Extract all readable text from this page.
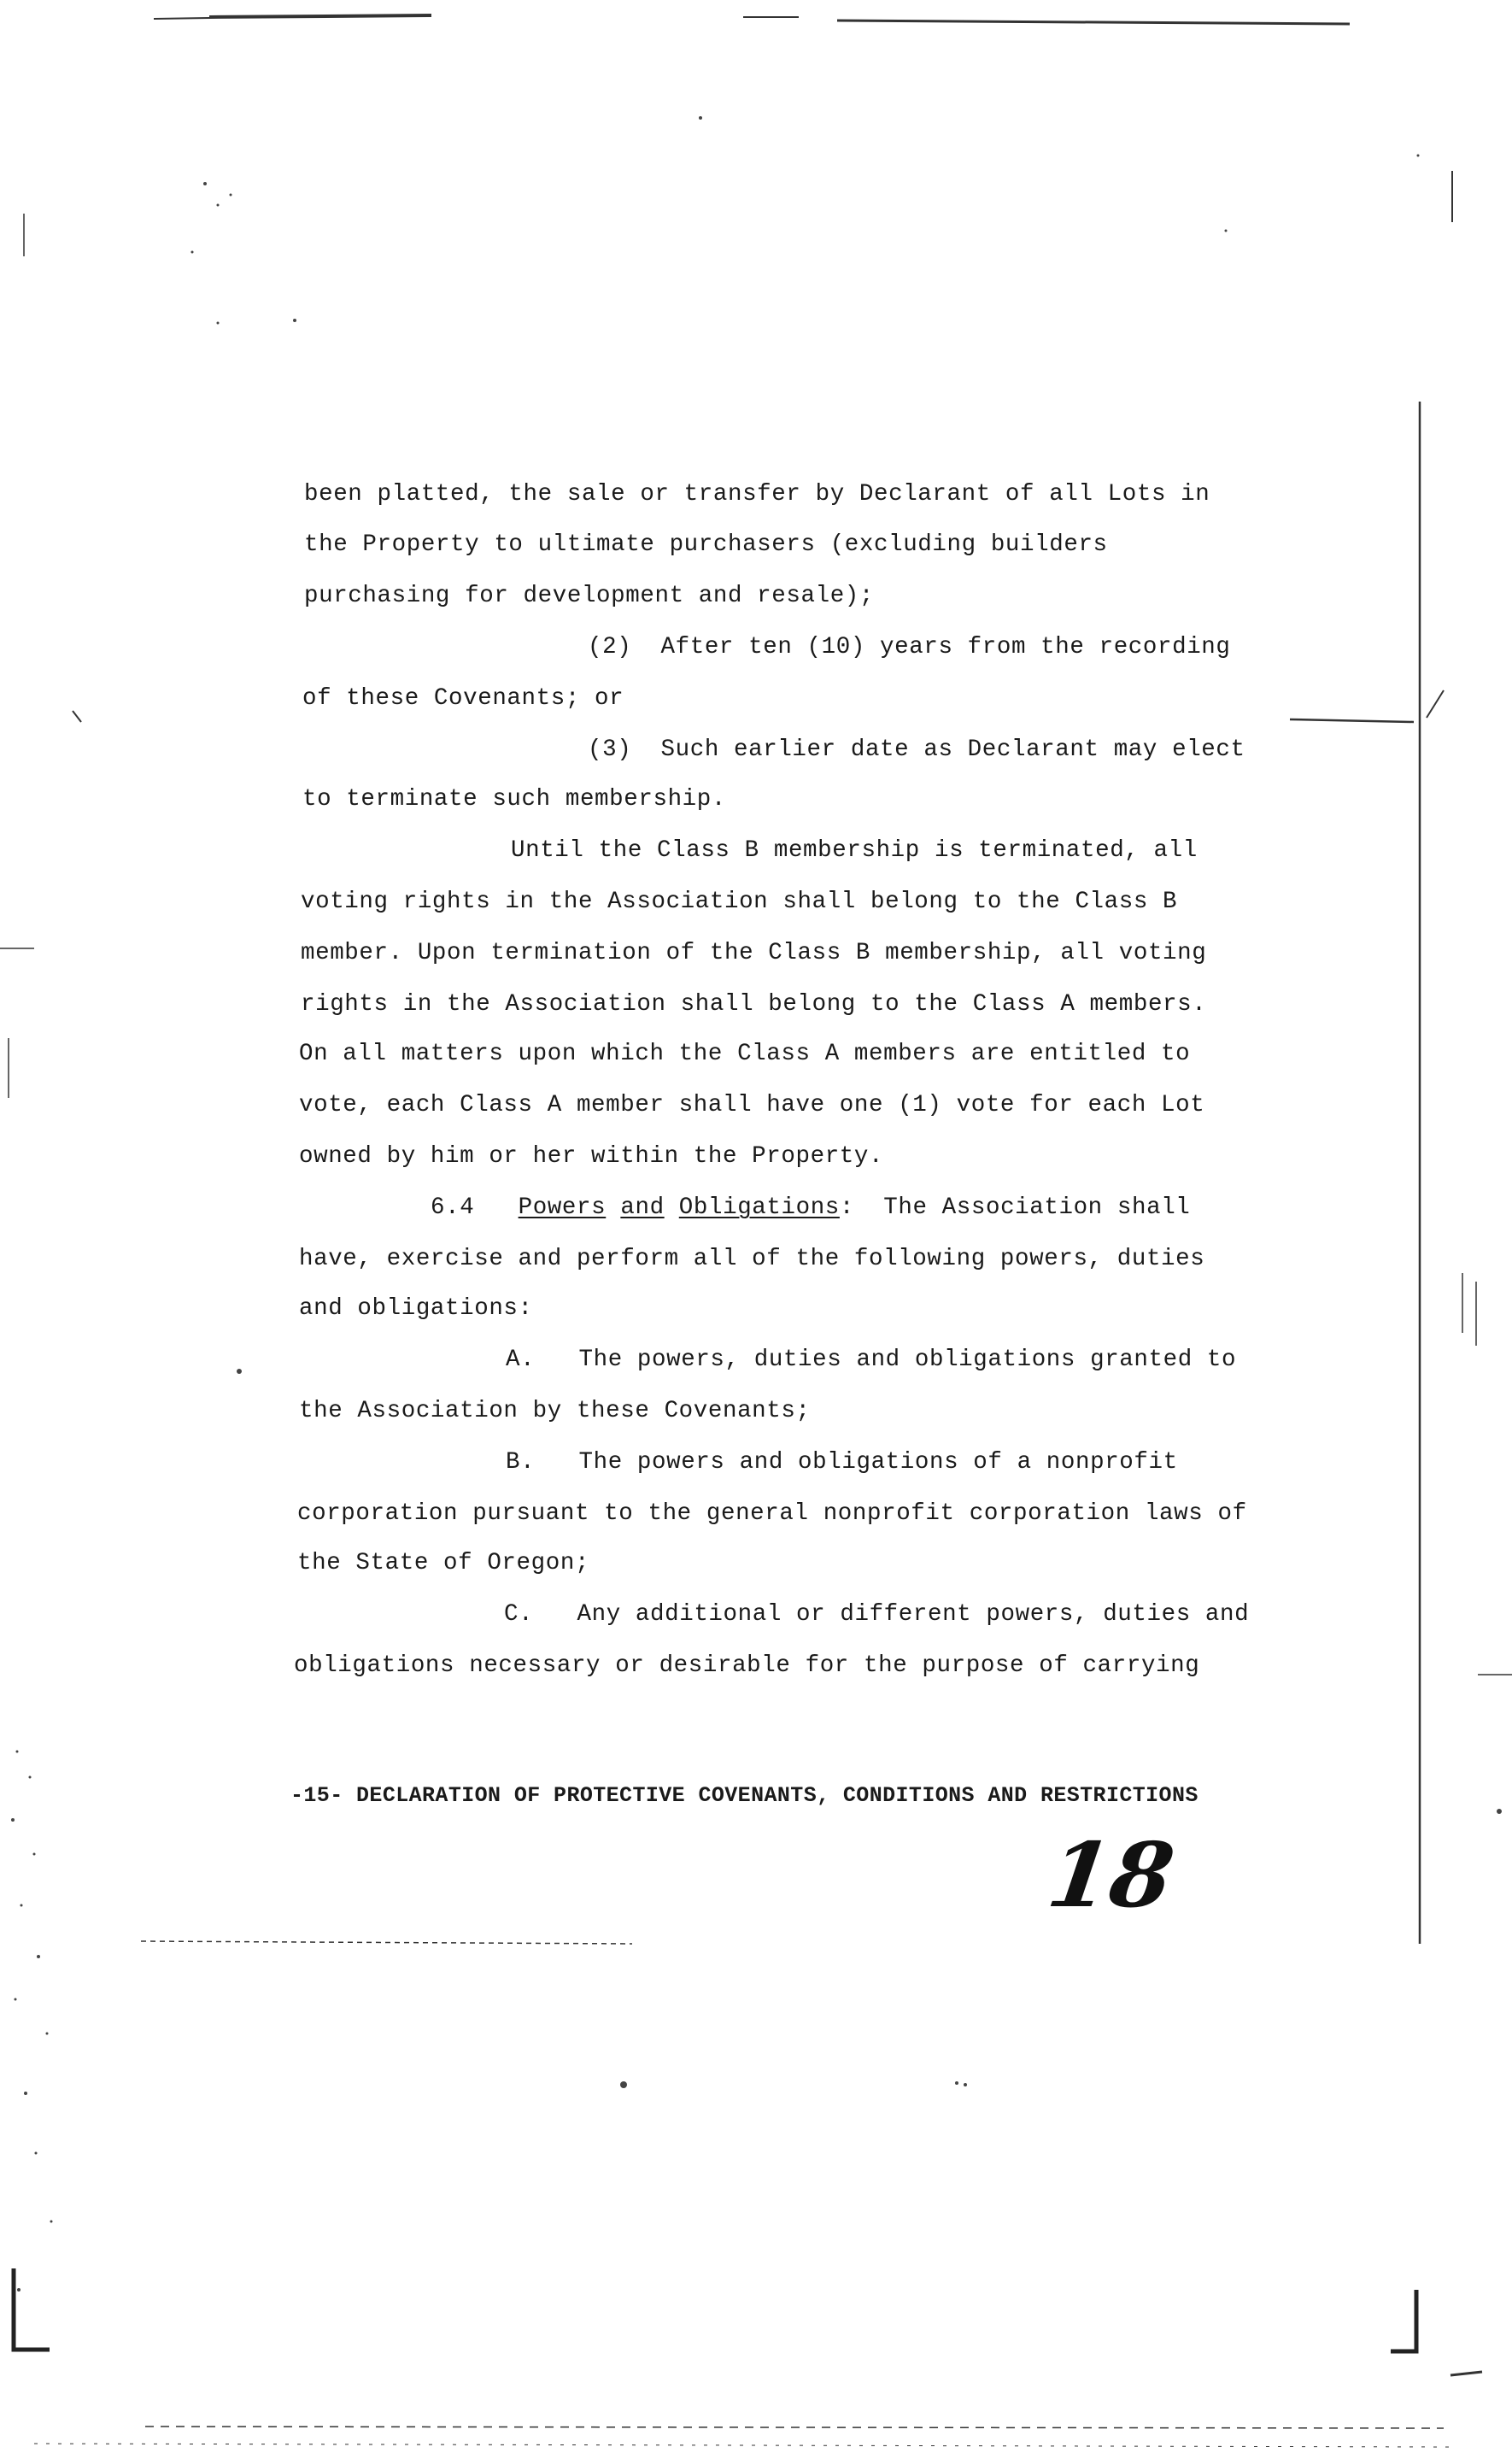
been platted, the sale or transfer by Declarant of all Lots in
the Property to ultimate purchasers (excluding builders
purchasing for development and resale);
(2)  After ten (10) years from the recording
of these Covenants; or
(3)  Such earlier date as Declarant may elect
to terminate such membership.
Until the Class B membership is terminated, all
voting rights in the Association shall belong to the Class B
member. Upon termination of the Class B membership, all voting
rights in the Association shall belong to the Class A members.
On all matters upon which the Class A members are entitled to
vote, each Class A member shall have one (1) vote for each Lot
owned by him or her within the Property.
6.4 Powers and Obligations: The Association shall
have, exercise and perform all of the following powers, duties
and obligations:
A.   The powers, duties and obligations granted to
the Association by these Covenants;
B.   The powers and obligations of a nonprofit
corporation pursuant to the general nonprofit corporation laws of
the State of Oregon;
C.   Any additional or different powers, duties and
obligations necessary or desirable for the purpose of carrying
-15- DECLARATION OF PROTECTIVE COVENANTS, CONDITIONS AND RESTRICTIONS
18
